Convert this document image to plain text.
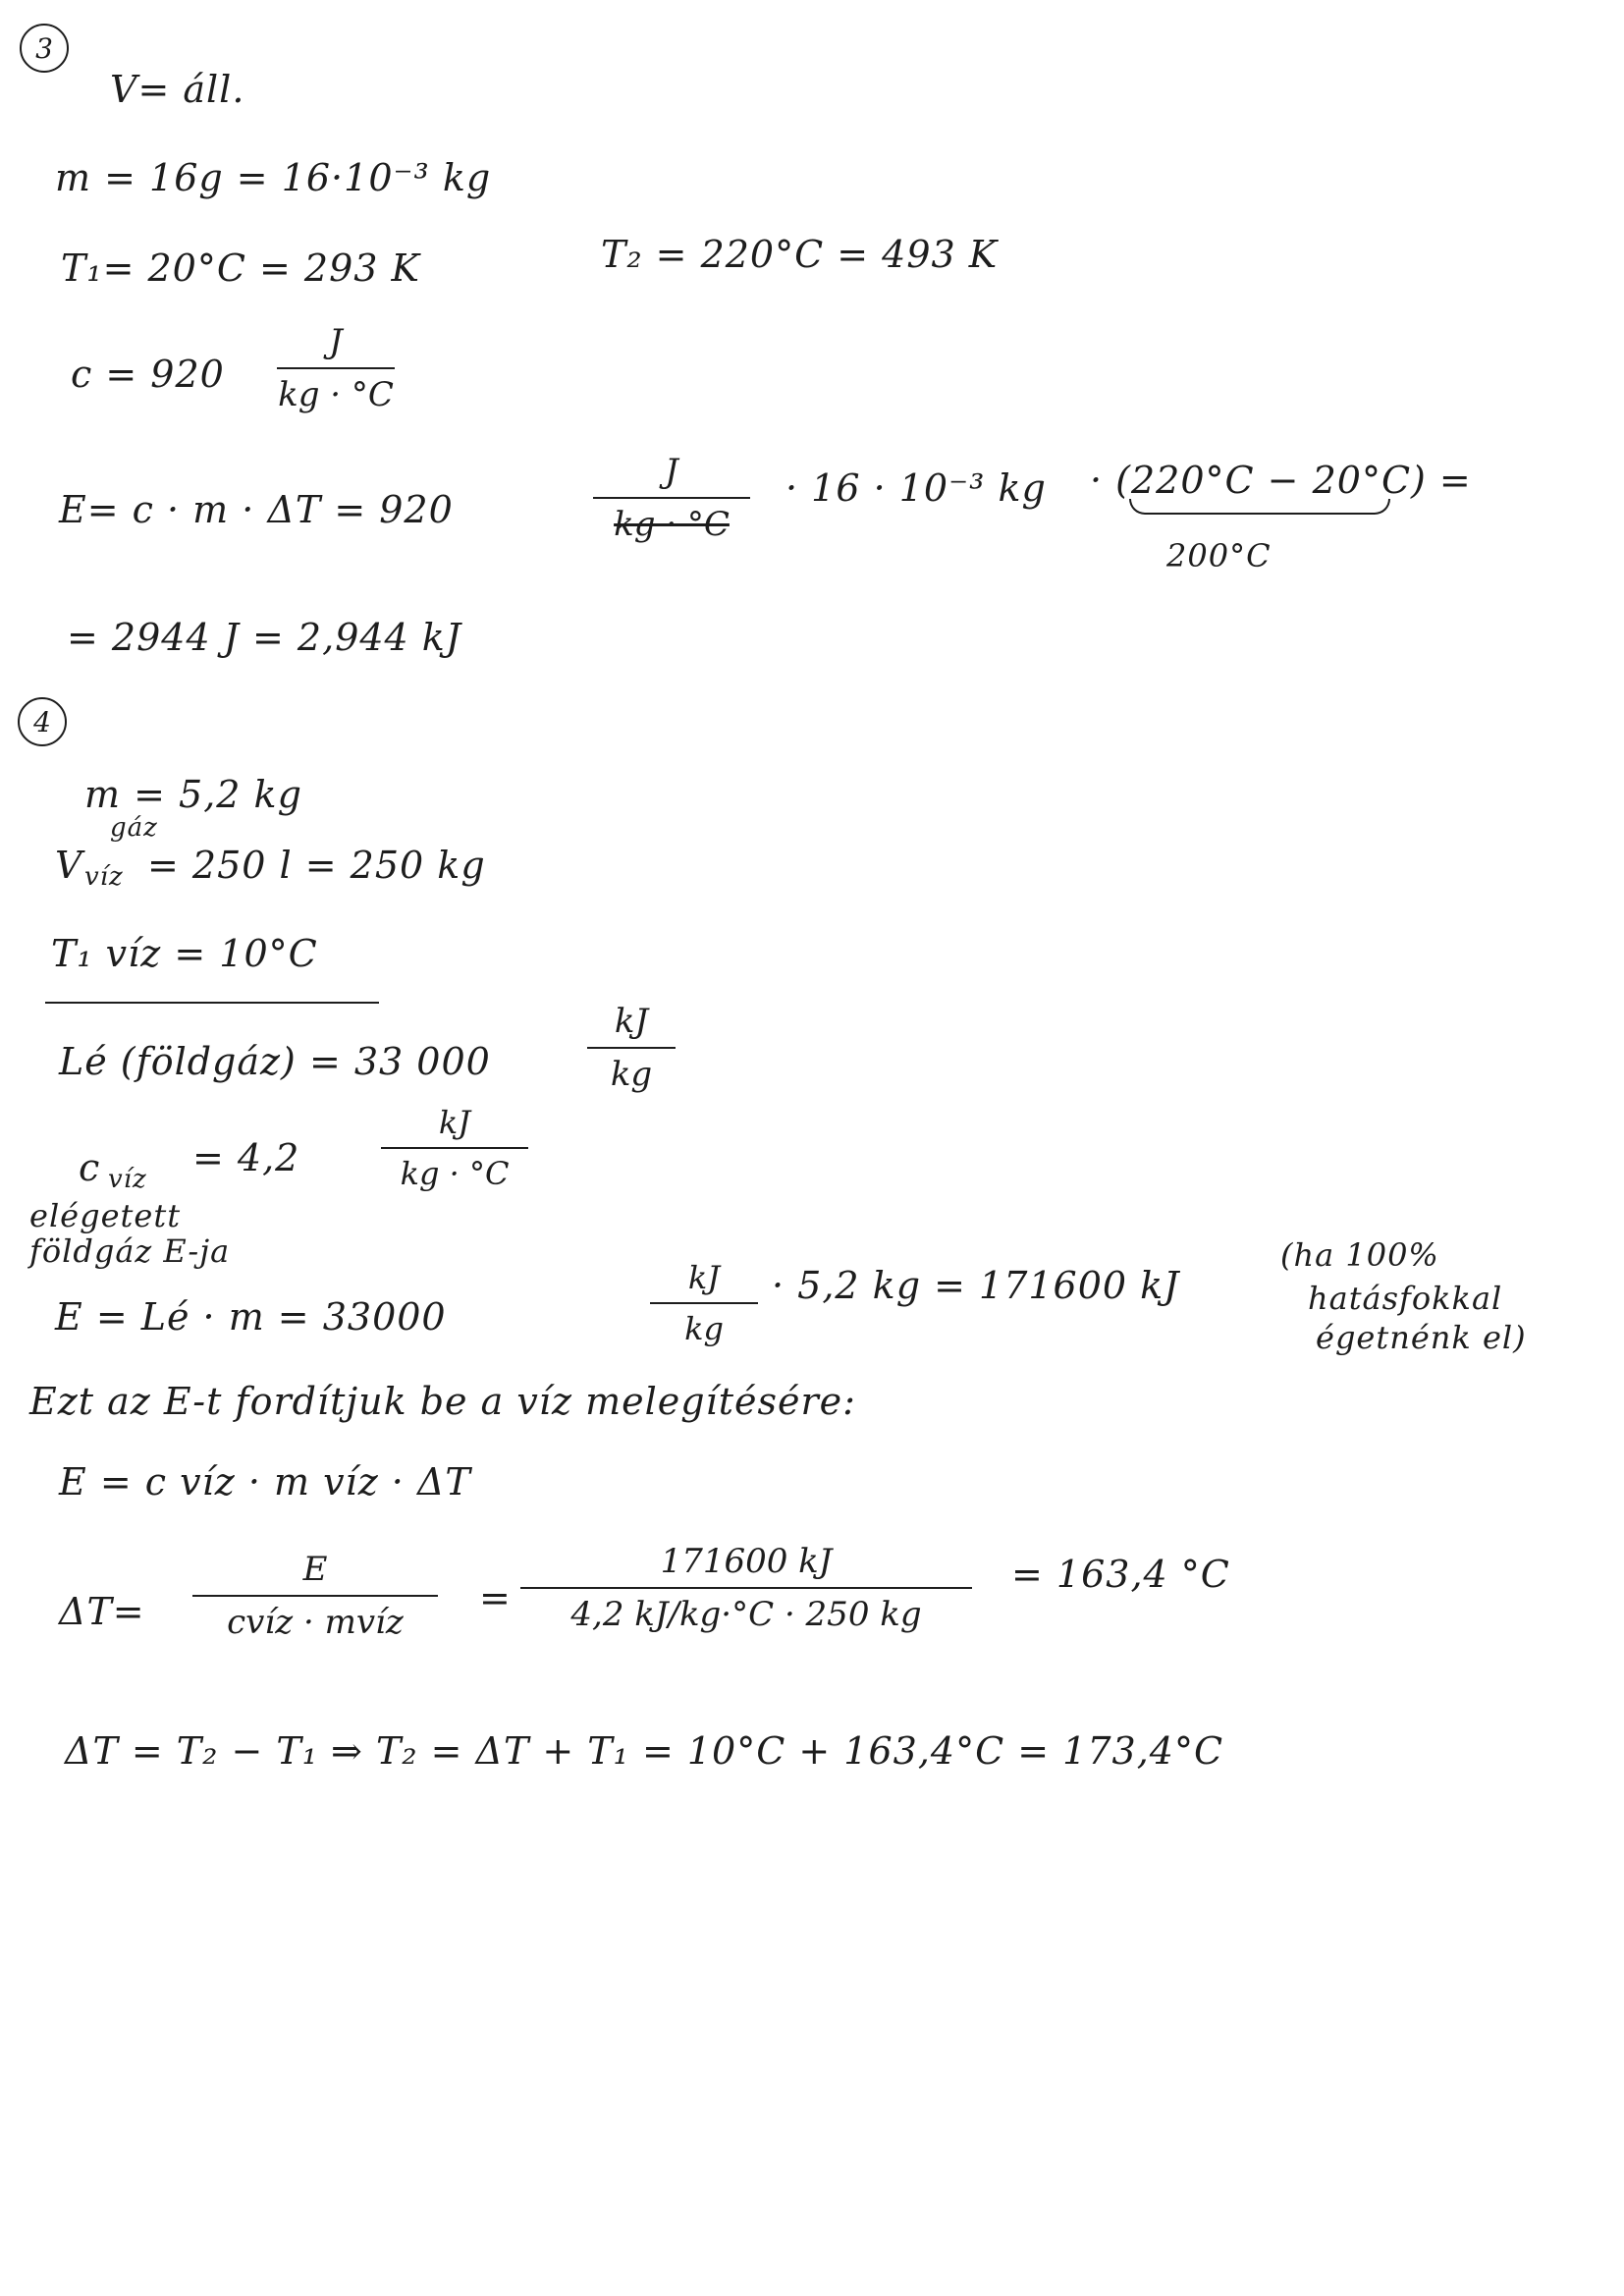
3
V= áll.
m = 16g = 16·10⁻³ kg
T₁= 20°C = 293 K	T₂ = 220°C = 493 K
c = 920
J
kg · °C
E= c · m · ΔT = 920
J
kg · °C
· 16 · 10⁻³ kg · (220°C − 20°C) =
200°C
= 2944 J = 2,944 kJ
4
m = 5,2 kg
gáz
V víz = 250 l = 250 kg
T₁ víz = 10°C
Lé (földgáz) = 33 000
kJ
kg
c víz = 4,2
kJ
kg · °C
elégetett
földgáz E-ja
E = Lé · m = 33000
kJ
kg
· 5,2 kg = 171600 kJ
(ha 100%
hatásfokkal
égetnénk el)
Ezt az E-t fordítjuk be a víz melegítésére:
E = c víz · m víz · ΔT
ΔT=
E
cvíz · mvíz
=
171600 kJ
4,2 kJ/kg·°C · 250 kg
= 163,4 °C
ΔT = T₂ − T₁ ⇒ T₂ = ΔT + T₁ = 10°C + 163,4°C = 173,4°C
